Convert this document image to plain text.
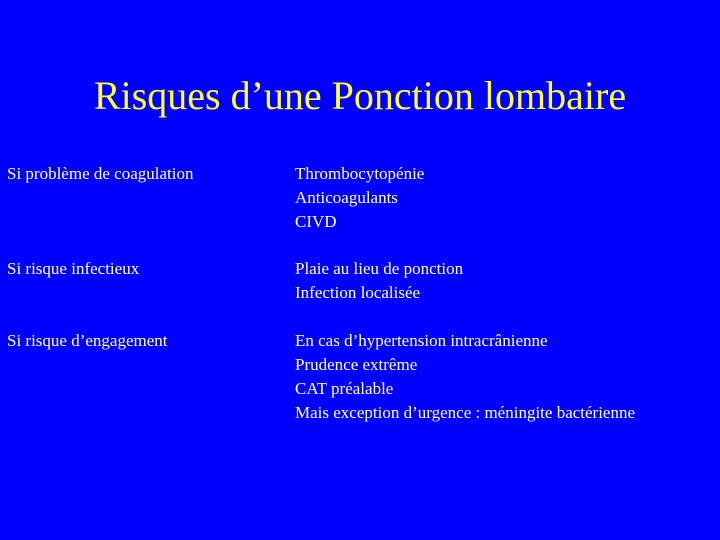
Risques d’une Ponction lombaire
Si problème de coagulation	Thrombocytopénie
Anticoagulants
CIVD
Si risque infectieux	Plaie au lieu de ponction
Infection localisée
Si risque d’engagement	En cas d’hypertension intracrânienne
Prudence extrême
CAT préalable
Mais exception d’urgence : méningite bactérienne
